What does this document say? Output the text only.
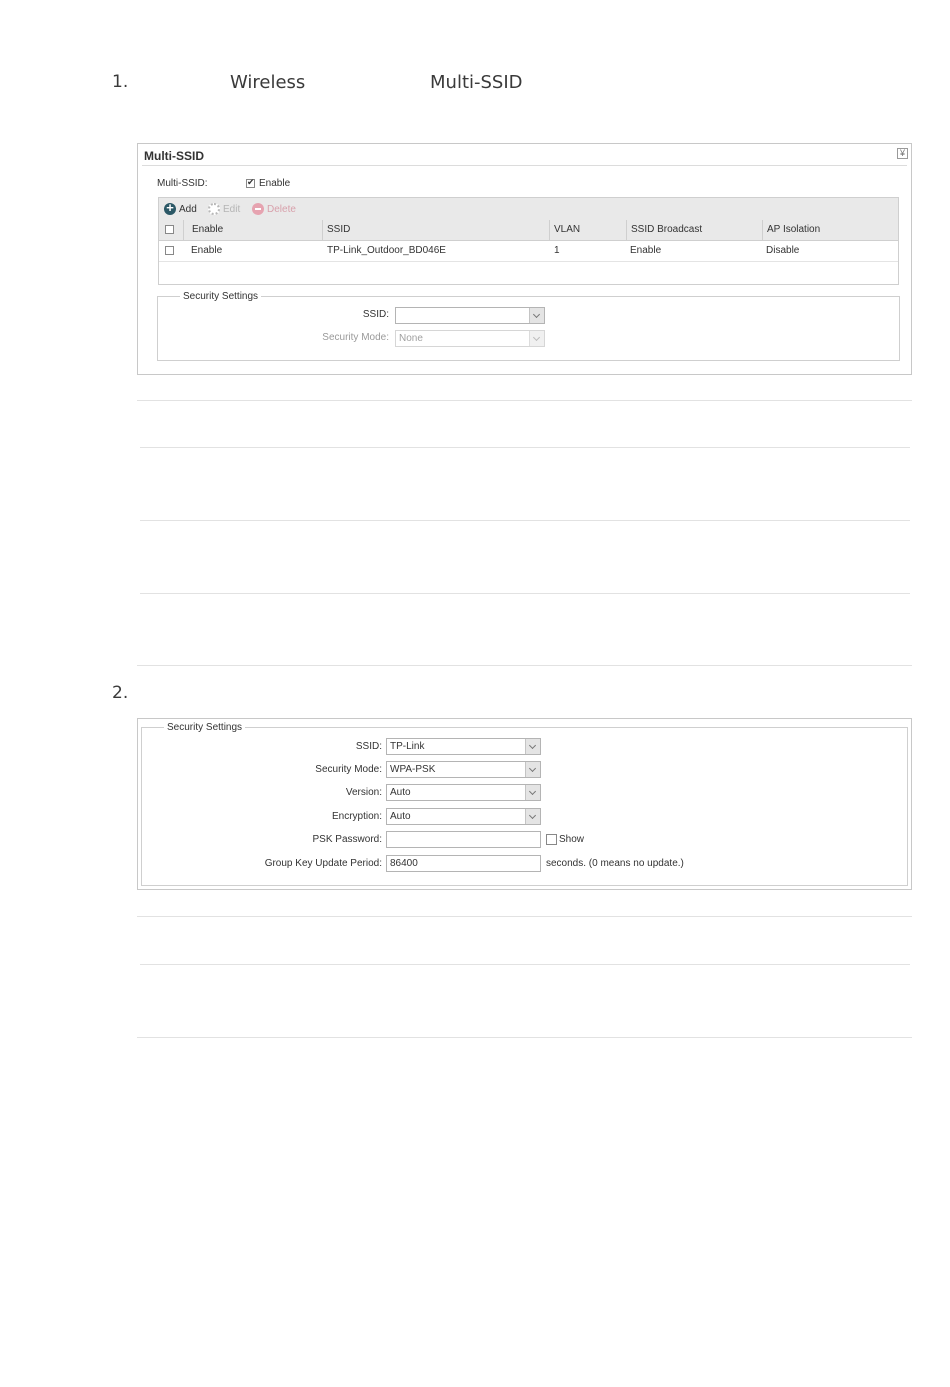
1.	Wireless	Multi-SSID
Multi-SSID	¥
Multi-SSID:
✔	Enable
+
Add	Edit	Delete
Enable	SSID	VLAN	SSID Broadcast	AP Isolation
Enable	TP-Link_Outdoor_BD046E	1	Enable	Disable
Security Settings
SSID:
Security Mode: None
2.
Security Settings
SSID: TP-Link
Security Mode: WPA-PSK
Version: Auto
Encryption: Auto
PSK Password:	Show
Group Key Update Period: 86400	seconds. (0 means no update.)
